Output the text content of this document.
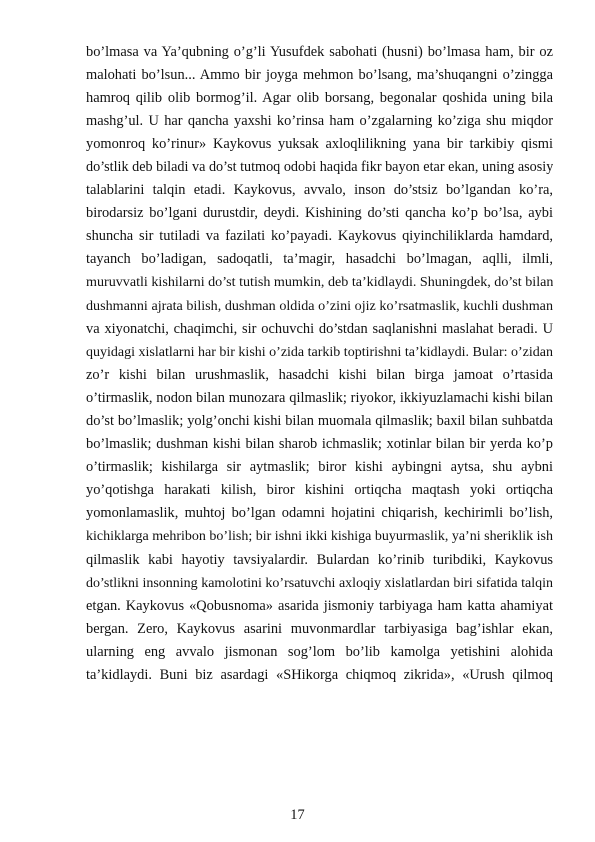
bo’lmasa va Ya’qubning o’g’li Yusufdek sabohati (husni) bo’lmasa ham, bir oz
malohati bo’lsun... Ammo bir joyga mehmon bo’lsang, ma’shuqangni o’zingga
hamroq qilib olib bormog’il. Agar olib borsang, begonalar qoshida uning bila
mashg’ul. U har qancha yaxshi ko’rinsa ham o’zgalarning ko’ziga shu miqdor
yomonroq ko’rinur» Kaykovus yuksak axloqlilikning yana bir tarkibiy qismi
do’stlik deb biladi va do’st tutmoq odobi haqida fikr bayon etar ekan, uning asosiy
talablarini talqin etadi. Kaykovus, avvalo, inson do’stsiz bo’lgandan ko’ra,
birodarsiz bo’lgani durustdir, deydi. Kishining do’sti qancha ko’p bo’lsa, aybi
shuncha sir tutiladi va fazilati ko’payadi. Kaykovus qiyinchiliklarda hamdard,
tayanch bo’ladigan, sadoqatli, ta’magir, hasadchi bo’lmagan, aqlli, ilmli,
muruvvatli kishilarni do’st tutish mumkin, deb ta’kidlaydi. Shuningdek, do’st bilan
dushmanni ajrata bilish, dushman oldida o’zini ojiz ko’rsatmaslik, kuchli dushman
va xiyonatchi, chaqimchi, sir ochuvchi do’stdan saqlanishni maslahat beradi. U
quyidagi xislatlarni har bir kishi o’zida tarkib toptirishni ta’kidlaydi. Bular: o’zidan
zo’r kishi bilan urushmaslik, hasadchi kishi bilan birga jamoat o’rtasida
o’tirmaslik, nodon bilan munozara qilmaslik; riyokor, ikkiyuzlamachi kishi bilan
do’st bo’lmaslik; yolg’onchi kishi bilan muomala qilmaslik; baxil bilan suhbatda
bo’lmaslik; dushman kishi bilan sharob ichmaslik; xotinlar bilan bir yerda ko’p
o’tirmaslik; kishilarga sir aytmaslik; biror kishi aybingni aytsa, shu aybni
yo’qotishga harakati kilish, biror kishini ortiqcha maqtash yoki ortiqcha
yomonlamaslik, muhtoj bo’lgan odamni hojatini chiqarish, kechirimli bo’lish,
kichiklarga mehribon bo’lish; bir ishni ikki kishiga buyurmaslik, ya’ni sheriklik ish
qilmaslik kabi hayotiy tavsiyalardir. Bulardan ko’rinib turibdiki, Kaykovus
do’stlikni insonning kamolotini ko’rsatuvchi axloqiy xislatlardan biri sifatida talqin
etgan. Kaykovus «Qobusnoma» asarida jismoniy tarbiyaga ham katta ahamiyat
bergan. Zero, Kaykovus asarini muvonmardlar tarbiyasiga bag’ishlar ekan,
ularning eng avvalo jismonan sog’lom bo’lib kamolga yetishini alohida
ta’kidlaydi. Buni biz asardagi «SHikorga chiqmoq zikrida», «Urush qilmoq
17
